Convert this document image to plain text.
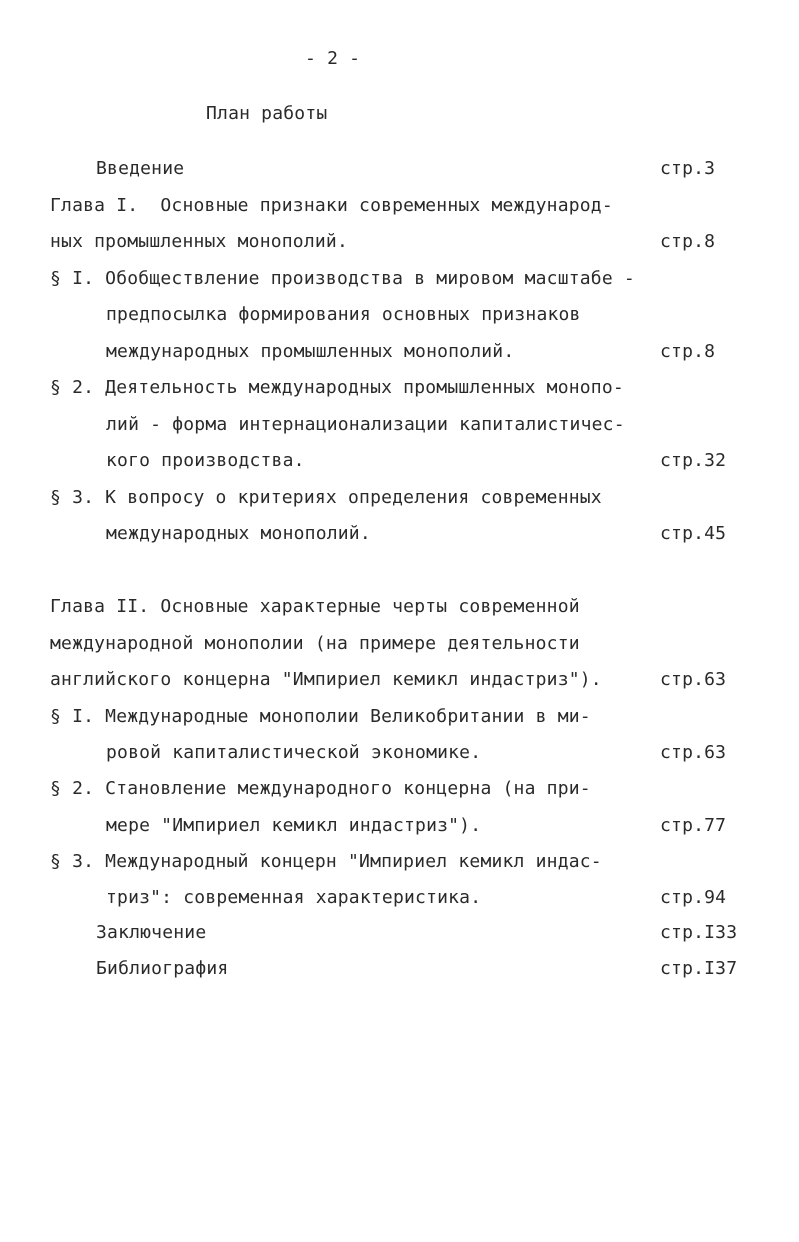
- 2 -
План работы
Введение	стр.3
Глава I.  Основные признаки современных международ-
ных промышленных монополий.	стр.8
§ I. Обобществление производства в мировом масштабе -
предпосылка формирования основных признаков
международных промышленных монополий.	стр.8
§ 2. Деятельность международных промышленных монопо-
лий - форма интернационализации капиталистичес-
кого производства.	стр.32
§ 3. К вопросу о критериях определения современных
международных монополий.	стр.45
Глава II. Основные характерные черты современной
международной монополии (на примере деятельности
английского концерна "Импириел кемикл индастриз").	стр.63
§ I. Международные монополии Великобритании в ми-
ровой капиталистической экономике.	стр.63
§ 2. Становление международного концерна (на при-
мере "Импириел кемикл индастриз").	стр.77
§ 3. Международный концерн "Импириел кемикл индас-
триз": современная характеристика.	стр.94
Заключение	стр.I33
Библиография	стр.I37
